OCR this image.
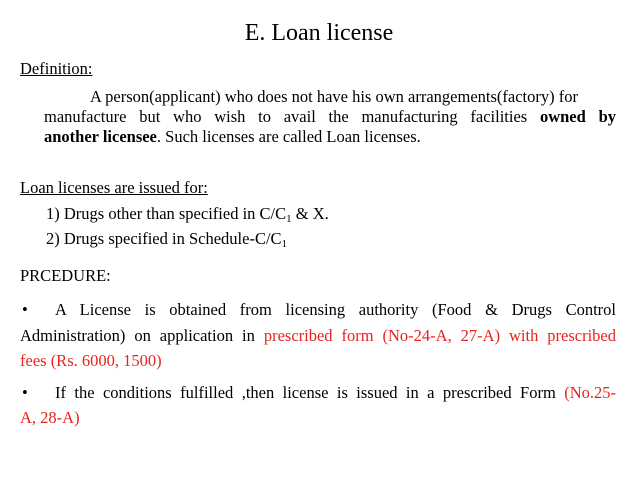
E. Loan license
Definition:
A person(applicant) who does not have his own arrangements(factory) for
manufacture but who wish to avail the manufacturing facilities owned by
another licensee. Such licenses are called Loan licenses.
Loan licenses are issued for:
1) Drugs other than specified in $C/C_1$ & X.
2) Drugs specified in Schedule-$C/C_1$
PRCEDURE:
• A License is obtained from licensing authority (Food & Drugs Control
Administration) on application in prescribed form (No-24-A, 27-A) with prescribed
fees (Rs. 6000, 1500)
• If the conditions fulfilled ,then license is issued in a prescribed Form (No.25-
A, 28-A)
